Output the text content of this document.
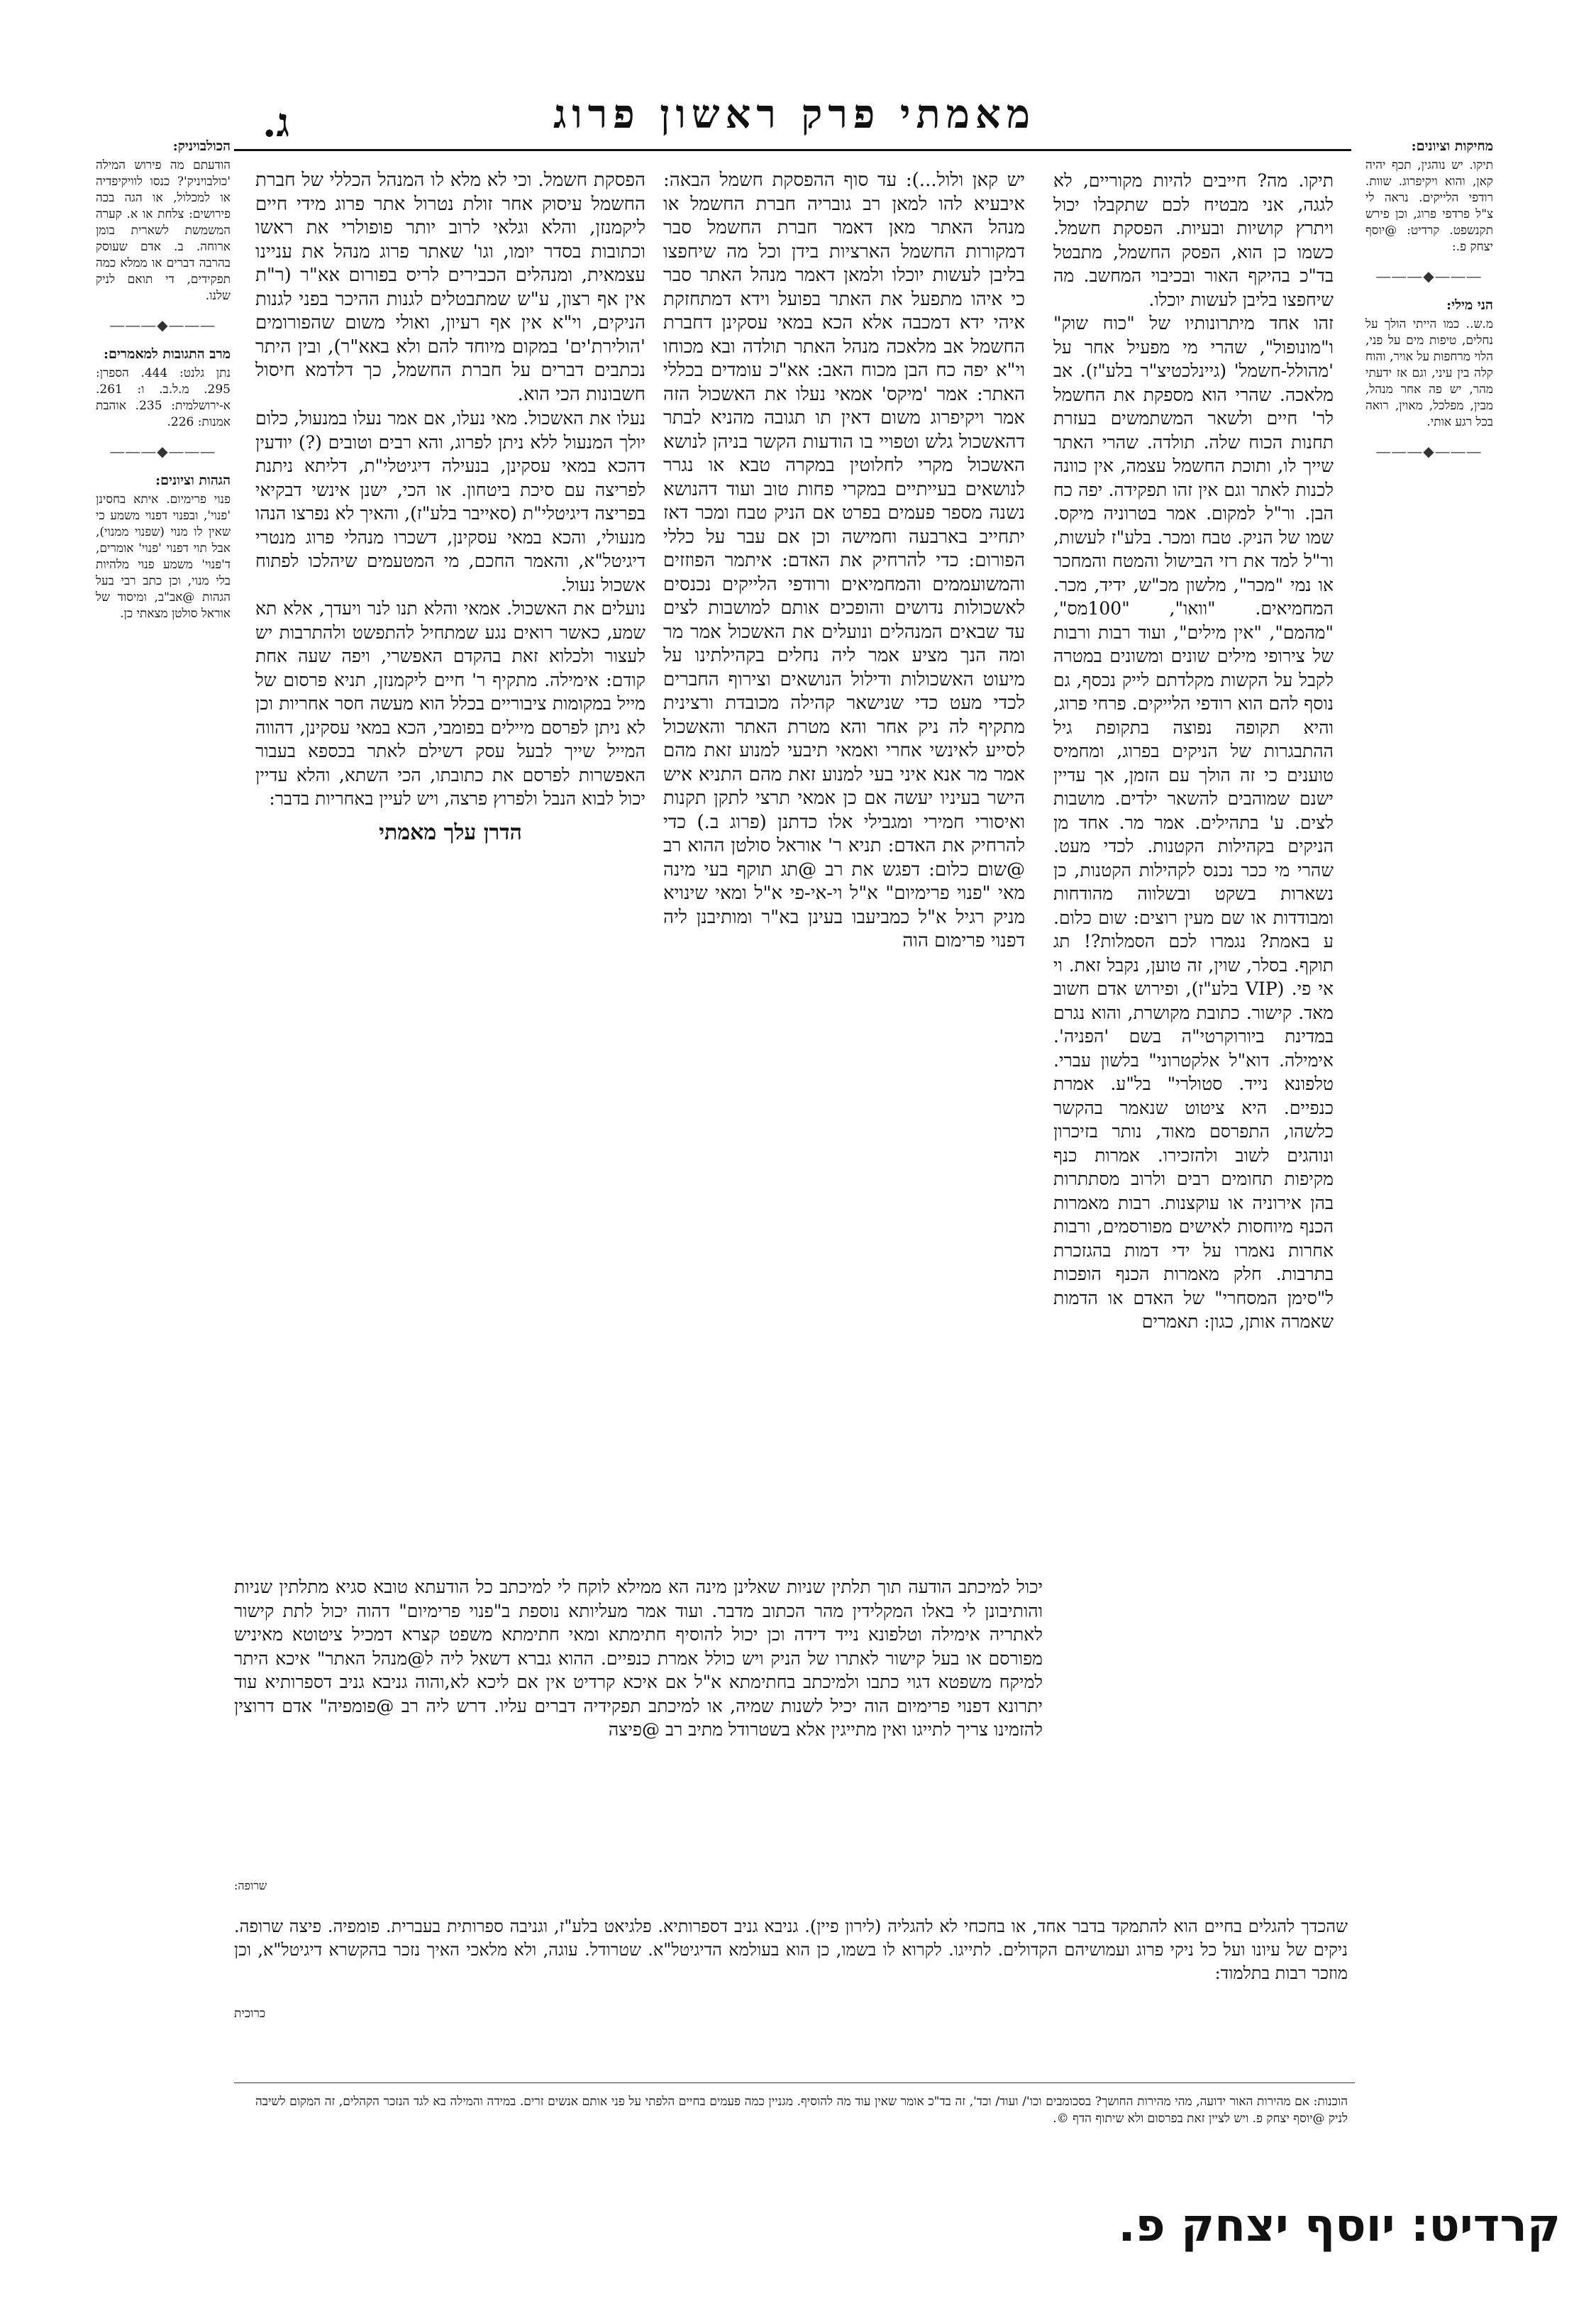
מאמתי פרק ראשון פרוג
ג.	מחיקות וציונים:

תיקו. יש נוהגין, תכף יהיה קאן, והוא ויקיפרוג. שוות. רודפי הלייקים. נראה לי צ"ל פרדפי פרוג, וכן פירש תקנשפט. קרדיט: @יוסף יצחק פ.:

―――◆―――
הני מילי:

מ.ש.. כמו הייתי הולך על נחלים, טיפות מים על פני, הלוי מרחפות על אויר, והוח קלה בין עיני, וגם אז ידעתי מהר, יש פה אחר מנהל, מבין, מפלכל, מאוין, רואה בכל רגע אותי.

―――◆―――
הכולבויניק:

הודעתם מה פירוש המילה 'כולבויניק'? כנסו לוויקיפדיה או למכלול, או הגה בכה פירושים: צלחת או א. קערה המשמשת לשארית בומן ארוחה. ב. אדם שעוסק בהרבה דברים או ממלא כמה תפקידים, די תואם לניק שלנו.

―――◆―――
מרב התגובות למאמרים:

נתן גלנט: 444. הספרן: 295. מ.ל.ב. ו: 261. א-ירושלמית: 235. אוהבת אמנות: 226.

―――◆―――
הגהות וציונים:

פנוי פרימיום. איתא בחסינן 'פנוי', ובפנוי דפנוי משמע כי שאין לו מנוי (שפנוי ממנוי), אבל תוי דפנוי 'פנוי' אומרים, ד'פנוי' משמע פנוי מלהיות בלי מנוי, וכן כתב רבי בעל הגהות @אב"ב, ומיסוד של אוראל סולטן מצאתי כן.

תיקו. מה? חייבים להיות מקוריים, לא לגגה, אני מבטיח לכם שתקבלו יכול ויתרץ קושיות ובעיות. הפסקת חשמל. כשמו כן הוא, הפסק החשמל, מתבטל בד"כ בהיקף האור ובכיבוי המחשב. מה שיחפצו בליבן לעשות יוכלו.

זהו אחד מיתרונותיו של "כוח שוק" ו"מונופול", שהרי מי מפעיל אחר על 'מהולל-חשמל' (גיינלכטיצ"ר בלע"ז). אב מלאכה. שהרי הוא מספקת את החשמל לר' חיים ולשאר המשתמשים בעזרת תחנות הכוח שלה. תולדה. שהרי האתר שייך לו, ותוכת החשמל עצמה, אין כוונה לכנות לאתר וגם אין זהו תפקידה. יפה כח הבן. ור"ל למקום. אמר בטרוניה מיקס. שמו של הניק. טבח ומכר. בלע"ז לעשות, ור"ל למד את רזי הבישול והמטח והמחכר או נמי "מכר", מלשון מכ"ש, ידיד, מכר. המחמיאים. "וואו", "100מס", "מהמם", "אין מילים", ועוד רבות ורבות של צירופי מילים שונים ומשונים במטרה לקבל על הקשות מקלדתם לייק נכסף, גם נוסף להם הוא רודפי הלייקים. פרחי פרוג, והיא תקופה נפוצה בתקופת גיל ההתבגרות של הניקים בפרוג, ומחמיס טוענים כי זה הולך עם הזמן, אך עדיין ישנם שמוהבים להשאר ילדים. מושבות לצים. ע' בתהילים. אמר מר. אחד מן הניקים בקהילות הקטנות. לכדי מעט. שהרי מי ככר נכנס לקהילות הקטנות, כן נשארות בשקט ובשלווה מהודחות ומבודדות או שם מעין רוצים: שום כלום. ע באמת? נגמרו לכם הסמלות?! תג תוקף. בסלר, שוין, זה טוען, נקבל זאת. וי אי פי. (VIP בלע"ז), ופירוש אדם חשוב מאד. קישור. כתובת מקושרת, והוא נגרם במדינת ביורוקרטי"ה בשם 'הפניה'. אימילה. דוא"ל אלקטרוני" בלשון עברי. טלפונא נייד. סטולרי" בל"ע. אמרת כנפיים. היא ציטוט שנאמר בהקשר כלשהו, התפרסם מאוד, נותר בזיכרון ונוהגים לשוב ולהזכירו. אמרות כנף מקיפות תחומים רבים ולרוב מסתתרות בהן אירוניה או עוקצנות. רבות מאמרות הכנף מיוחסות לאישים מפורסמים, ורבות אחרות נאמרו על ידי דמות בהגזכרת בתרבות. חלק מאמרות הכנף הופכות ל"סימן המסחרי" של האדם או הדמות שאמרה אותן, כגון: תאמרים

יש קאן ולול...): עד סוף ההפסקת חשמל הבאה: איבעיא להו למאן רב גובריה חברת החשמל או מנהל האתר מאן דאמר חברת החשמל סבר דמקורות החשמל הארציות בידן וכל מה שיחפצו בליבן לעשות יוכלו ולמאן דאמר מנהל האתר סבר כי איהו מתפעל את האתר בפועל וידא דמתחזקת איהי ידא דמכבה אלא הכא במאי עסקינן דחברת החשמל אב מלאכה מנהל האתר תולדה ובא מכוחו וי"א יפה כח הבן מכוח האב: אא"כ עומדים בכללי האתר: אמר 'מיקס' אמאי נעלו את האשכול הזה אמר ויקיפרוג משום דאין תו תגובה מהניא לבתר דהאשכול גלש וטפויי בו הודעות הקשר בניהן לנושא האשכול מקרי לחלוטין במקרה טבא או נגרר לנושאים בעייתיים במקרי פחות טוב ועוד דהנושא נשנה מספר פעמים בפרט אם הניק טבח ומכר דאז יתחייב בארבעה וחמישה וכן אם עבר על כללי הפורום: כדי להרחיק את האדם: איתמר הפוזזים והמשועממים והמחמיאים ורודפי הלייקים נכנסים לאשכולות נדושים והופכים אותם למושבות לצים עד שבאים המנהלים ונועלים את האשכול אמר מר ומה הנך מציע אמר ליה נחלים בקהילתינו על מיעוט האשכולות ודילול הנושאים וצירוף החברים לכדי מעט כדי שנישאר קהילה מכובדת ורצינית מתקיף לה ניק אחר והא מטרת האתר והאשכול לסייע לאינשי אחרי ואמאי תיבעי למנוע זאת מהם אמר מר אנא איני בעי למנוע זאת מהם התניא איש הישר בעיניו יעשה אם כן אמאי תרצי לתקן תקנות ואיסורי חמירי ומגבילי אלו כדתנן (פרוג ב.) כדי להרחיק את האדם: תניא ר' אוראל סולטן ההוא רב @שום כלום: דפגש את רב @תג תוקף בעי מינה מאי "פנוי פרימיום" א"ל וי-אי-פי א"ל ומאי שינויא מניק רגיל א"ל כמביעבו בעינן בא"ר ומותיבנן ליה דפנוי פרימום הוה

הפסקת חשמל. וכי לא מלא לו המנהל הכללי של חברת החשמל עיסוק אחר זולת נטרול אתר פרוג מידי חיים ליקמנזן, והלא וגלאי לרוב יותר פופולרי את ראשו וכתובות בסדר יומו, וגו' שאתר פרוג מנהל את עניינו עצמאית, ומנהלים הכבירים לריס בפורום אא"ר (ר"ת אין אף רצון, ע"ש שמתבטלים לגנות ההיכר בפני לגנות הניקים, וי"א אין אף רעיון, ואולי משום שהפורומים 'הולירת'ים' במקום מיוחד להם ולא באא"ר), ובין היתר נכתבים דברים על חברת החשמל, כך דלדמא חיסול חשבונות הכי הוא.

נעלו את האשכול. מאי נעלו, אם אמר נעלו במנעול, כלום יולך המנעול ללא ניתן לפרוג, והא רבים וטובים (?) יודעין דהכא במאי עסקינן, בנעילה דיגיטלי"ת, דליתא ניתנת לפריצה עם סיכת ביטחון. או הכי, ישנן אינשי דבקיאי בפריצה דיגיטלי"ת (סאייבר בלע"ז), והאיך לא נפרצו הנהו מנעולי, והכא במאי עסקינן, דשכרו מנהלי פרוג מנטרי דיגיטל"א, והאמר החכם, מי המטעמים שיהלכו לפתוח אשכול נעול.

נועלים את האשכול. אמאי והלא תנו לנר ויעדך, אלא תא שמע, כאשר רואים נגע שמתחיל להתפשט ולהתרבות יש לעצור ולכלוא זאת בהקדם האפשרי, ויפה שעה אחת קודם: אימילה. מתקיף ר' חיים ליקמנזן, תניא פרסום של מייל במקומות ציבוריים בכלל הוא מעשה חסר אחריות וכן לא ניתן לפרסם מיילים בפומבי, הכא במאי עסקינן, דהווה המייל שייך לבעל עסק דשילם לאתר בכספא בעבור האפשרות לפרסם את כתובתו, הכי השתא, והלא עדיין יכול לבוא הנבל ולפרוץ פרצה, ויש לעיין באחריות בדבר:

הדרן עלך מאמתי

יכול למיכתב הודעה תוך תלתין שניות שאלינן מינה הא ממילא לוקח לי למיכתב כל הודעתא טובא סגיא מתלתין שניות והותיבונן לי באלו המקלידין מהר הכתוב מדבר. ועוד אמר מעליותא נוספת ב"פנוי פרימיום" דהוה יכול לתת קישור לאתריה אימילה וטלפונא נייד דידה וכן יכול להוסיף חתימתא ומאי חתימתא משפט קצרא דמכיל ציטוטא מאיניש מפורסם או בעל קישור לאתרו של הניק ויש כולל אמרת כנפיים. ההוא גברא דשאל ליה ל@מנהל האתר" איכא היתר למיקח משפטא דגוי כתבו ולמיכתב בחתימתא א"ל אם איכא קרדיט אין אם ליכא לא,והוה גניבא גניב דספרותיא עוד יתרונא דפנוי פרימיום הוה יכיל לשנות שמיה, או למיכתב תפקידיה דברים עליו. דרש ליה רב @פומפיה" אדם דרוצין להזמינו צריך לתייגו ואין מתייגין אלא בשטרודל מתיב רב @פיצה

שרופה:

שהכדך להגלים בחיים הוא להתמקד בדבר אחד, או בחכחי לא להגליה (לירון פיין). גניבא גניב דספרותיא. פלגיאט בלע"ז, וגניבה ספרותית בעברית. פומפיה. פיצה שרופה. ניקים של עיונו ועל כל ניקי פרוג ועמושיהם הקדולים. לתייגו. לקרוא לו בשמו, כן הוא בעולמא הדיגיטל"א. שטרודל. עוגה, ולא מלאכי האיך נזכר בהקשרא דיגיטל"א, וכן מוזכר רבות בתלמוד:

כרוכית
הוכנות: אם מהירות האור ידועה, מהי מהירות החושך? בסכומבים וכו'/ ועוד/ וכד', זה בד"כ אומר שאין עוד מה להוסיף. מגניין כמה פעמים בחיים הלפתי על פני אותם אנשים זרים. במידה והמילה בא לגד הנזכר הקהלים, זה המקום לשיבה לניק @יוסף יצחק פ. ויש לציין זאת בפרסום ולא שיתוף הדף ©.
קרדיט: יוסף יצחק פ.
